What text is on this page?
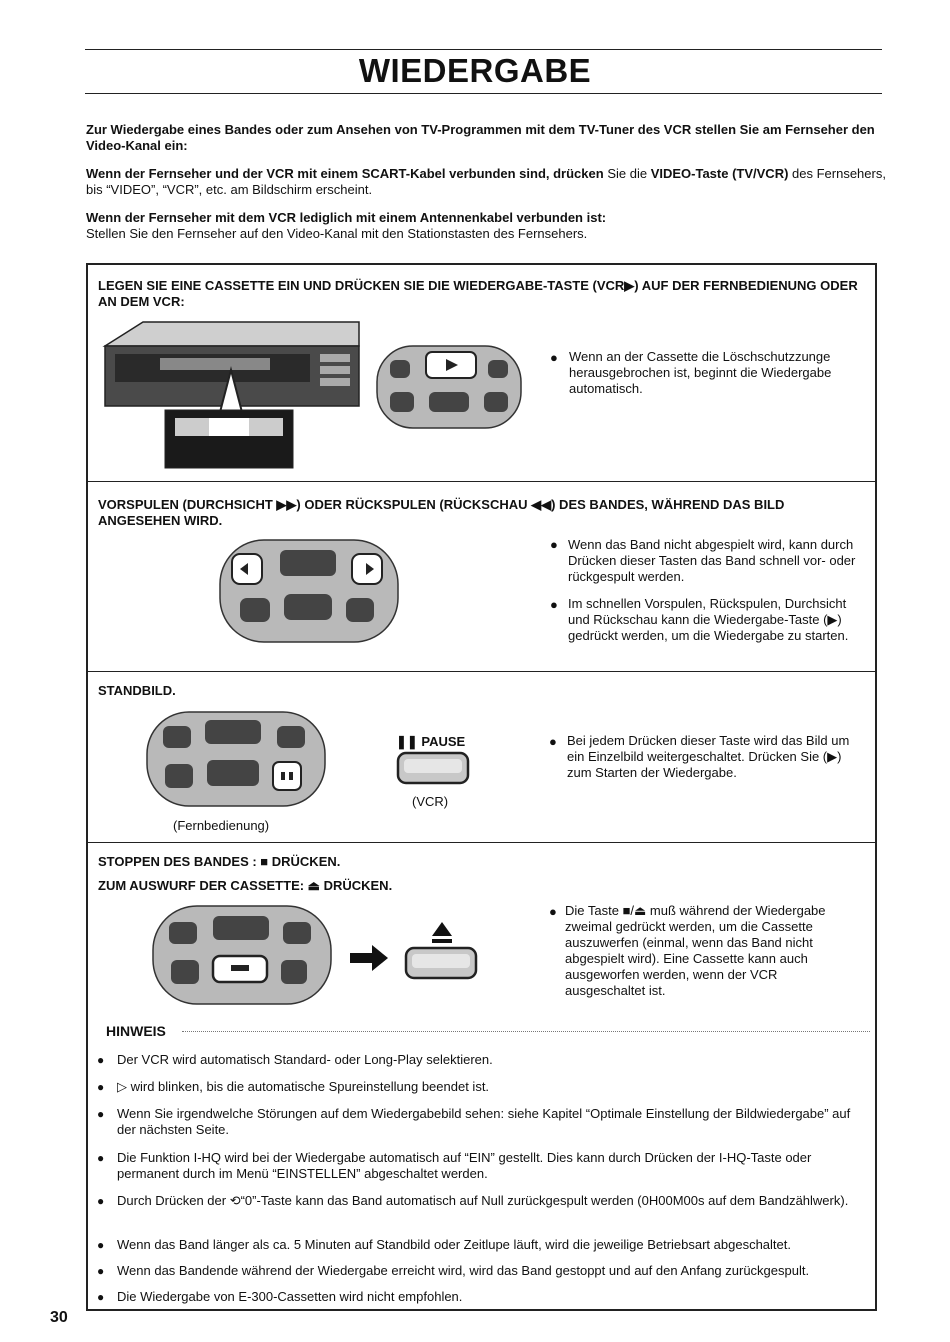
WIEDERGABE
Zur Wiedergabe eines Bandes oder zum Ansehen von TV-Programmen mit dem TV-Tuner des VCR stellen Sie am Fernseher den Video-Kanal ein:
Wenn der Fernseher und der VCR mit einem SCART-Kabel verbunden sind, drücken Sie die VIDEO-Taste (TV/VCR) des Fernsehers, bis “VIDEO”, “VCR”, etc. am Bildschirm erscheint.
Wenn der Fernseher mit dem VCR lediglich mit einem Antennenkabel verbunden ist:
Stellen Sie den Fernseher auf den Video-Kanal mit den Stationstasten des Fernsehers.
LEGEN SIE EINE CASSETTE EIN UND DRÜCKEN SIE DIE WIEDERGABE-TASTE (VCR▶) AUF DER FERNBEDIENUNG ODER AN DEM VCR:
● Wenn an der Cassette die Löschschutzzunge herausgebrochen ist, beginnt die Wiedergabe automatisch.
VORSPULEN (DURCHSICHT ▶▶) ODER RÜCKSPULEN (RÜCKSCHAU ◀◀) DES BANDES, WÄHREND DAS BILD ANGESEHEN WIRD.
● Wenn das Band nicht abgespielt wird, kann durch Drücken dieser Tasten das Band schnell vor- oder rückgespult werden.
● Im schnellen Vorspulen, Rückspulen, Durchsicht und Rückschau kann die Wiedergabe-Taste (▶) gedrückt werden, um die Wiedergabe zu starten.
STANDBILD.
(Fernbedienung)
❚❚ PAUSE
(VCR)
● Bei jedem Drücken dieser Taste wird das Bild um ein Einzelbild weitergeschaltet. Drücken Sie (▶) zum Starten der Wiedergabe.
STOPPEN DES BANDES : ■ DRÜCKEN.
ZUM AUSWURF DER CASSETTE: ⏏ DRÜCKEN.
● Die Taste ■/⏏ muß während der Wiedergabe zweimal gedrückt werden, um die Cassette auszuwerfen (einmal, wenn das Band nicht abgespielt wird). Eine Cassette kann auch ausgeworfen werden, wenn der VCR ausgeschaltet ist.
HINWEIS
● Der VCR wird automatisch Standard- oder Long-Play selektieren.
● ▷ wird blinken, bis die automatische Spureinstellung beendet ist.
● Wenn Sie irgendwelche Störungen auf dem Wiedergabebild sehen: siehe Kapitel “Optimale Einstellung der Bildwiedergabe” auf der nächsten Seite.
● Die Funktion I-HQ wird bei der Wiedergabe automatisch auf “EIN” gestellt. Dies kann durch Drücken der I-HQ-Taste oder permanent durch im Menü “EINSTELLEN” abgeschaltet werden.
● Durch Drücken der ⟲“0”-Taste kann das Band automatisch auf Null zurückgespult werden (0H00M00s auf dem Bandzählwerk).
● Wenn das Band länger als ca. 5 Minuten auf Standbild oder Zeitlupe läuft, wird die jeweilige Betriebsart abgeschaltet.
● Wenn das Bandende während der Wiedergabe erreicht wird, wird das Band gestoppt und auf den Anfang zurückgespult.
● Die Wiedergabe von E-300-Cassetten wird nicht empfohlen.
30
